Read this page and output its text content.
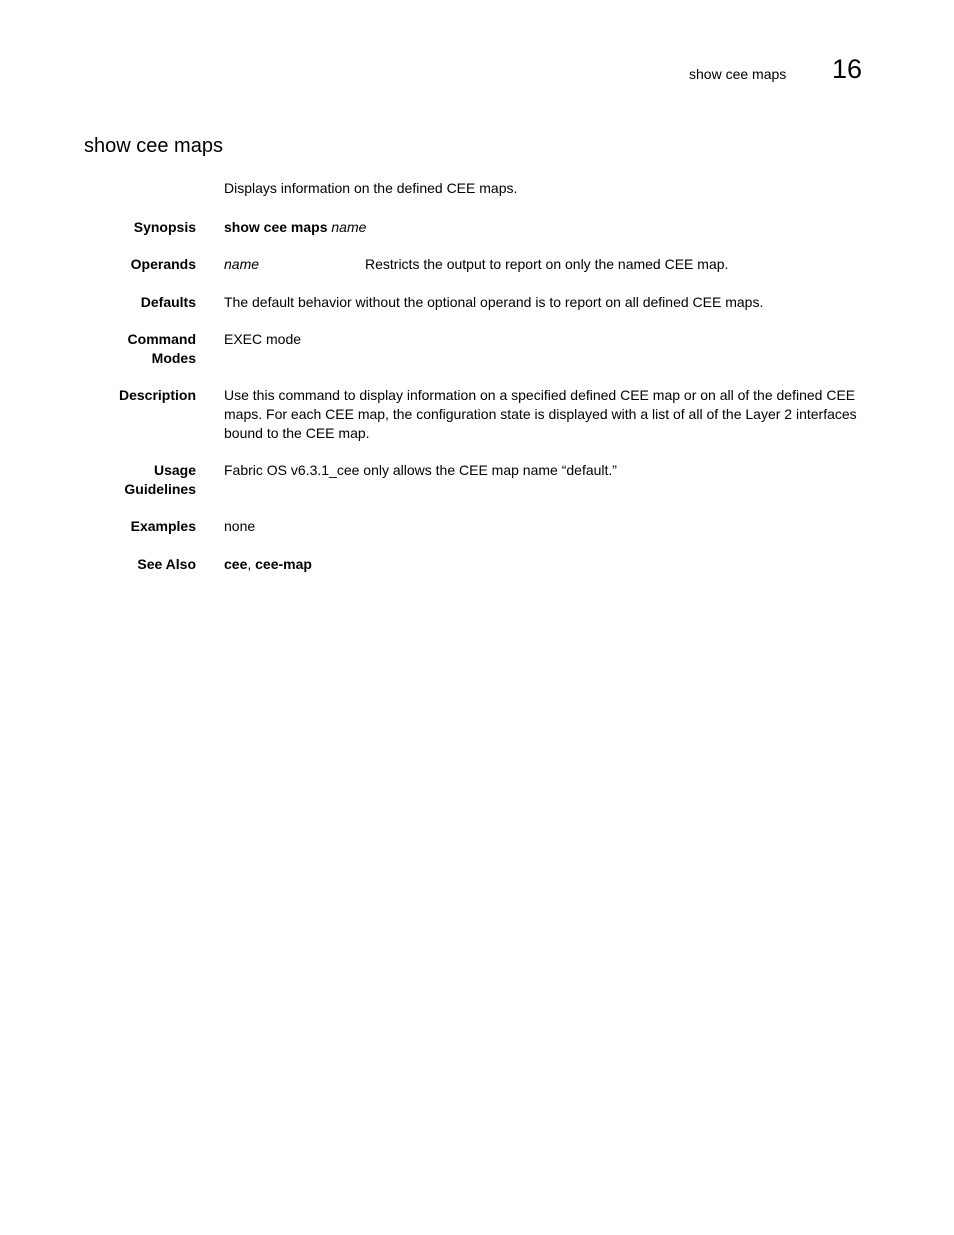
show cee maps 16
show cee maps
Displays information on the defined CEE maps.
Synopsis show cee maps name
Operands name	Restricts the output to report on only the named CEE map.
Defaults The default behavior without the optional operand is to report on all defined CEE maps.
Command
Modes
EXEC mode
Description Use this command to display information on a specified defined CEE map or on all of the defined CEE maps. For each CEE map, the configuration state is displayed with a list of all of the Layer 2 interfaces bound to the CEE map.
Usage
Guidelines
Fabric OS v6.3.1_cee only allows the CEE map name “default.”
Examples none
See Also cee, cee-map
